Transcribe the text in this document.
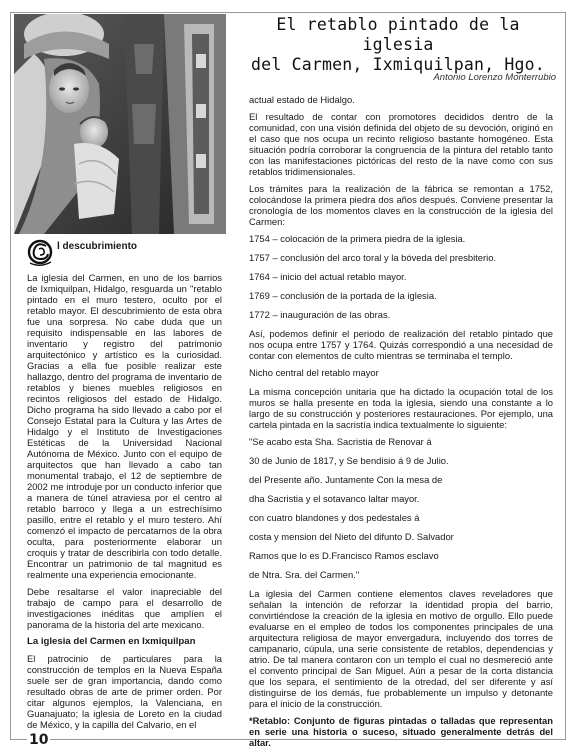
El retablo pintado de la iglesia
del Carmen, Ixmiquilpan, Hgo.

Antonio Lorenzo Monterrubio

l descubrimiento

La iglesia del Carmen, en uno de los barrios de Ixmiquilpan, Hidalgo, resguarda un "retablo pintado en el muro testero, oculto por el retablo mayor. El descubrimiento de esta obra fue una sorpresa. No cabe duda que un requisito indispensable en las labores de inventario y registro del patrimonio arquitectónico y artístico es la curiosidad. Gracias a ella fue posible realizar este hallazgo, dentro del programa de inventario de retablos y bienes muebles religiosos en recintos religiosos del estado de Hidalgo. Dicho programa ha sido llevado a cabo por el Consejo Estatal para la Cultura y las Artes de Hidalgo y el Instituto de Investigaciones Estéticas de la Universidad Nacional Autónoma de México. Junto con el equipo de arquitectos que han llevado a cabo tan monumental trabajo, el 12 de septiembre de 2002 me introduje por un conducto inferior que a manera de túnel atraviesa por el centro al retablo barroco y llega a un estrechísimo pasillo, entre el retablo y el muro testero. Ahí comenzó el impacto de percatarnos de la obra oculta, para posteriormente elaborar un croquis y tratar de describirla con todo detalle. Encontrar un patrimonio de tal magnitud es realmente una experiencia emocionante.

Debe resaltarse el valor inapreciable del trabajo de campo para el desarrollo de investigaciones inéditas que amplíen el panorama de la historia del arte mexicano.

La iglesia del Carmen en Ixmiquilpan

El patrocinio de particulares para la construcción de templos en la Nueva España suele ser de gran importancia, dando como resultado obras de arte de primer orden. Por citar algunos ejemplos, la Valenciana, en Guanajuato; la iglesia de Loreto en la ciudad de México, y la capilla del Calvario, en el

actual estado de Hidalgo.

El resultado de contar con promotores decididos dentro de la comunidad, con una visión definida del objeto de su devoción, originó en el caso que nos ocupa un recinto religioso bastante homogéneo. Esta situación podría corroborar la congruencia de la pintura del retablo tanto con las manifestaciones pictóricas del resto de la nave como con sus retablos tridimensionales.

Los trámites para la realización de la fábrica se remontan a 1752, colocándose la primera piedra dos años después. Conviene presentar la cronología de los momentos claves en la construcción de la iglesia del Carmen:

1754 – colocación de la primera piedra de la iglesia.

1757 – conclusión del arco toral y la bóveda del presbiterio.

1764 – inicio del actual retablo mayor.

1769 – conclusión de la portada de la iglesia.

1772 – inauguración de las obras.

Así, podemos definir el periodo de realización del retablo pintado que nos ocupa entre 1757 y 1764. Quizás correspondió a una necesidad de contar con elementos de culto mientras se terminaba el templo.

Nicho central del retablo mayor

La misma concepción unitaria que ha dictado la ocupación total de los muros se halla presente en toda la iglesia, siendo una constante a lo largo de su construcción y posteriores restauraciones. Por ejemplo, una cartela pintada en la sacristía indica textualmente lo siguiente:

"Se acabo esta Sha. Sacristia de Renovar á

30 de Junio de 1817, y Se bendisio á 9 de Julio.

del Presente año. Juntamente Con la mesa de

dha Sacristia y el sotavanco laltar mayor.

con cuatro blandones y dos pedestales á

costa y mension del Nieto del difunto D. Salvador

Ramos que lo es D.Francisco Ramos esclavo

de Ntra. Sra. del Carmen."

La iglesia del Carmen contiene elementos claves reveladores que señalan la intención de reforzar la identidad propia del barrio, convirtiéndose la creación de la iglesia en motivo de orgullo. Ello puede evaluarse en el empleo de todos los componentes principales de una arquitectura religiosa de mayor envergadura, incluyendo dos torres de campanario, cúpula, una serie consistente de retablos, dependencias y atrio. De tal manera contaron con un templo el cual no desmereció ante el convento principal de San Miguel. Aún a pesar de la corta distancia que los separa, el sentimiento de la otredad, del ser diferente y así distinguirse de los demás, fue probablemente un impulso y detonante para el inicio de la construcción.

*Retablo: Conjunto de figuras pintadas o talladas que representan en serie una historia o suceso, situado generalmente detrás del altar.

10
